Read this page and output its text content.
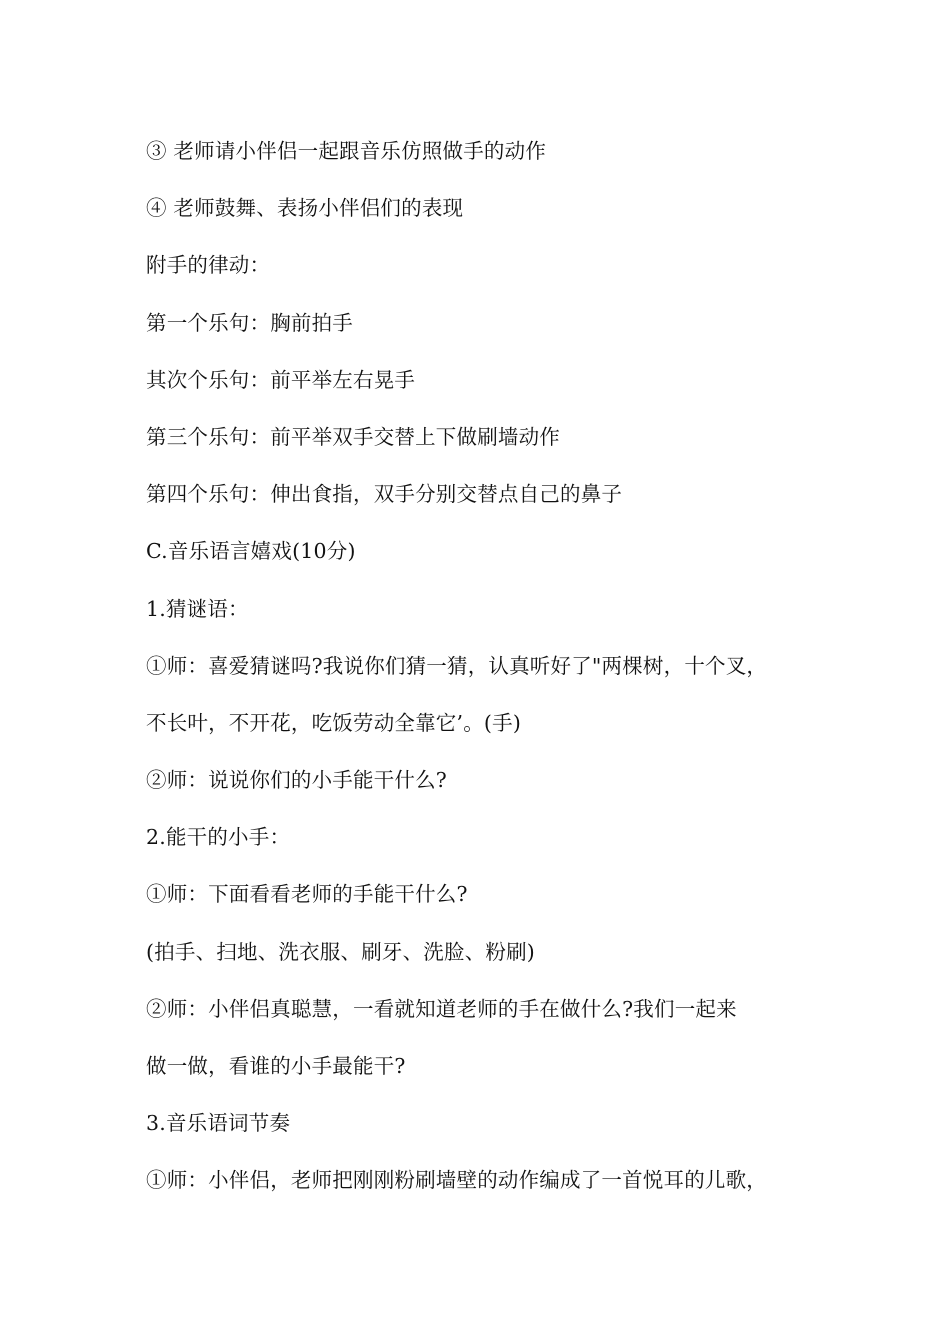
③ 老师请小伴侣一起跟音乐仿照做手的动作
④ 老师鼓舞、表扬小伴侣们的表现
附手的律动：
第一个乐句：胸前拍手
其次个乐句：前平举左右晃手
第三个乐句：前平举双手交替上下做刷墙动作
第四个乐句：伸出食指，双手分别交替点自己的鼻子
C.音乐语言嬉戏(10分)
1.猜谜语：
①师：喜爱猜谜吗?我说你们猜一猜，认真听好了"两棵树，十个叉，
不长叶，不开花，吃饭劳动全靠它’。(手)
②师：说说你们的小手能干什么?
2.能干的小手：
①师：下面看看老师的手能干什么?
(拍手、扫地、洗衣服、刷牙、洗脸、粉刷)
②师：小伴侣真聪慧，一看就知道老师的手在做什么?我们一起来
做一做，看谁的小手最能干?
3.音乐语词节奏
①师：小伴侣，老师把刚刚粉刷墙壁的动作编成了一首悦耳的儿歌，
